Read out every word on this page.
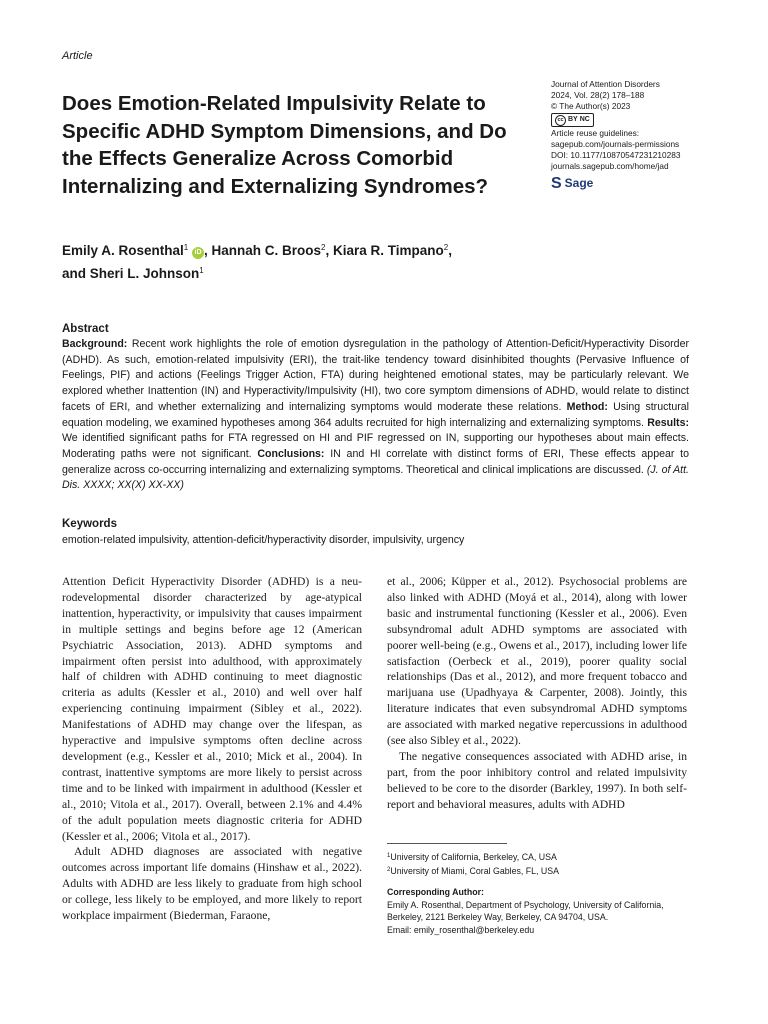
Article
Does Emotion-Related Impulsivity Relate to Specific ADHD Symptom Dimensions, and Do the Effects Generalize Across Comorbid Internalizing and Externalizing Syndromes?
Journal of Attention Disorders
2024, Vol. 28(2) 178–188
© The Author(s) 2023
cc BY NC
Article reuse guidelines:
sagepub.com/journals-permissions
DOI: 10.1177/10870547231210283
journals.sagepub.com/home/jad
S Sage

Emily A. Rosenthal$^1$ iD , Hannah C. Broos$^2$, Kiara R. Timpano$^2$,
and Sheri L. Johnson$^1$

Abstract

Background: Recent work highlights the role of emotion dysregulation in the pathology of Attention-Deficit/Hyperactivity Disorder (ADHD). As such, emotion-related impulsivity (ERI), the trait-like tendency toward disinhibited thoughts (Pervasive Influence of Feelings, PIF) and actions (Feelings Trigger Action, FTA) during heightened emotional states, may be particularly relevant. We explored whether Inattention (IN) and Hyperactivity/Impulsivity (HI), two core symptom dimensions of ADHD, would relate to distinct facets of ERI, and whether externalizing and internalizing symptoms would moderate these relations. Method: Using structural equation modeling, we examined hypotheses among 364 adults recruited for high internalizing and externalizing symptoms. Results: We identified significant paths for FTA regressed on HI and PIF regressed on IN, supporting our hypotheses about main effects. Moderating paths were not significant. Conclusions: IN and HI correlate with distinct forms of ERI, These effects appear to generalize across co-occurring internalizing and externalizing symptoms. Theoretical and clinical implications are discussed. (J. of Att. Dis. XXXX; XX(X) XX-XX)

Keywords
emotion-related impulsivity, attention-deficit/hyperactivity disorder, impulsivity, urgency

Attention Deficit Hyperactivity Disorder (ADHD) is a neurodevelopmental disorder characterized by age-atypical inattention, hyperactivity, or impulsivity that causes impairment in multiple settings and begins before age 12 (American Psychiatric Association, 2013). ADHD symptoms and impairment often persist into adulthood, with approximately half of children with ADHD continuing to meet diagnostic criteria as adults (Kessler et al., 2010) and well over half experiencing continuing impairment (Sibley et al., 2022). Manifestations of ADHD may change over the lifespan, as hyperactive and impulsive symptoms often decline across development (e.g., Kessler et al., 2010; Mick et al., 2004). In contrast, inattentive symptoms are more likely to persist across time and to be linked with impairment in adulthood (Kessler et al., 2010; Vitola et al., 2017). Overall, between 2.1% and 4.4% of the adult population meets diagnostic criteria for ADHD (Kessler et al., 2006; Vitola et al., 2017).

Adult ADHD diagnoses are associated with negative outcomes across important life domains (Hinshaw et al., 2022). Adults with ADHD are less likely to graduate from high school or college, less likely to be employed, and more likely to report workplace impairment (Biederman, Faraone,

et al., 2006; Küpper et al., 2012). Psychosocial problems are also linked with ADHD (Moyá et al., 2014), along with lower basic and instrumental functioning (Kessler et al., 2006). Even subsyndromal adult ADHD symptoms are associated with poorer well-being (e.g., Owens et al., 2017), including lower life satisfaction (Oerbeck et al., 2019), poorer quality social relationships (Das et al., 2012), and more frequent tobacco and marijuana use (Upadhyaya & Carpenter, 2008). Jointly, this literature indicates that even subsyndromal ADHD symptoms are associated with marked negative repercussions in adulthood (see also Sibley et al., 2022).

The negative consequences associated with ADHD arise, in part, from the poor inhibitory control and related impulsivity believed to be core to the disorder (Barkley, 1997). In both self-report and behavioral measures, adults with ADHD

$^1$University of California, Berkeley, CA, USA
$^2$University of Miami, Coral Gables, FL, USA
Corresponding Author:
Emily A. Rosenthal, Department of Psychology, University of California, Berkeley, 2121 Berkeley Way, Berkeley, CA 94704, USA.
Email: emily_rosenthal@berkeley.edu
